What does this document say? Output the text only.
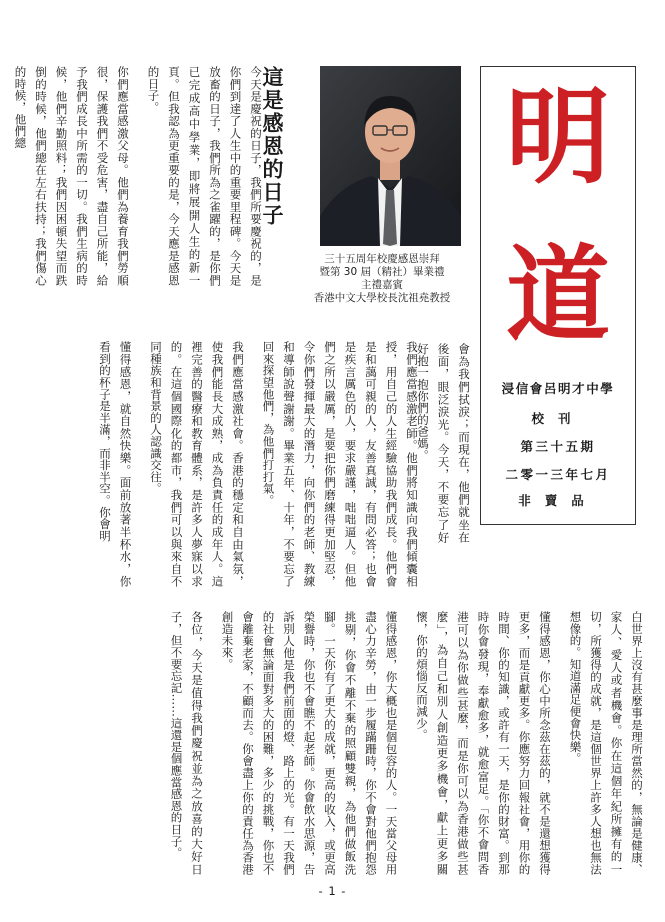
今天是慶祝的日子，我們所要慶祝的，是你們到達了人生中的重要里程碑。今天是放畜的日子，我們所為之雀躍的，是你們已完成高中學業，即將展開人生的新一頁。但我認為更重要的是，今天應是感恩的日子。

你們應當感激父母。他們為養育我們勞順很，保護我們不受危害，盡自己所能，給予我們成長中所需的一切。我們生病的時候，他們辛勤照料；我們因困頓失望而跌倒的時候，他們總在左右扶持；我們傷心的時候，他們總	這是感恩的日子
三十五周年校慶感恩崇拜
暨第 30 屆（精社）畢業禮
主禮嘉賓
香港中文大學校長沈祖堯教授
明
道
浸信會呂明才中學
校刊
第三十五期
二零一三年七月
非賣品

會為我們拭淚；而現在，他們就坐在後面，眼泛淚光。今天，不要忘了好好抱一抱你們的爸媽。

我們應當感激老師。他們將知識向我們傾囊相授，用自己的人生經驗協助我們成長。他們會是和藹可親的人，友善真誠，有問必答；也會是疾言厲色的人，要求嚴謹，咄咄逼人。但他們之所以嚴厲，是要把你們磨練得更加堅忍，令你們發揮最大的潛力，向你們的老師、教練和導師說聲謝謝。畢業五年、十年，不要忘了回來探望他們，為他們打打氣。

我們應當感激社會。香港的穩定和自由氣氛，使我們能長大成熟，成為負責任的成年人。這裡完善的醫療和教育體系，是許多人夢寐以求的。在這個國際化的都市，我們可以與來自不同種族和背景的人認識交往。

懂得感恩，就自然快樂。面前放著半杯水，你看到的杯子是半滿，而非半空。你會明

白世界上沒有甚麼事是理所當然的，無論是健康、家人、愛人或者機會。你在這個年紀所擁有的一切，所獲得的成就，是這個世界上許多人想也無法想像的。知道滿足便會快樂。

懂得感恩，你心中所念茲在茲的，就不是還想獲得更多，而是貢獻更多。你應努力回報社會，用你的時間、你的知識，或許有一天，是你的財富。到那時你會發現，奉獻愈多，就愈富足。「你不會問香港可以為你做些甚麼，而是你可以為香港做些甚麼」，為自己和別人創造更多機會，獻上更多關懷，你的煩惱反而減少。

懂得感恩，你大概也是個包容的人。一天當父母用盡心力辛勞，由一步履蹣跚時，你不會對他們抱怨挑剔，你會不離不棄的照顧雙親，為他們做飯洗腳。一天你有了更大的成就，更高的收入，或更高榮譽時，你也不會瞧不起老師。你會飲水思源，告訴別人他是我們前面的燈、路上的光。有一天我們的社會無論面對多大的困難，多少的挑戰，你也不會離棄老家，不顧而去。你會盡上你的責任為香港創造未來。

各位，今天是值得我們慶祝並為之放喜的大好日子，但不要忘記……這還是個應當感恩的日子。

- 1 -
